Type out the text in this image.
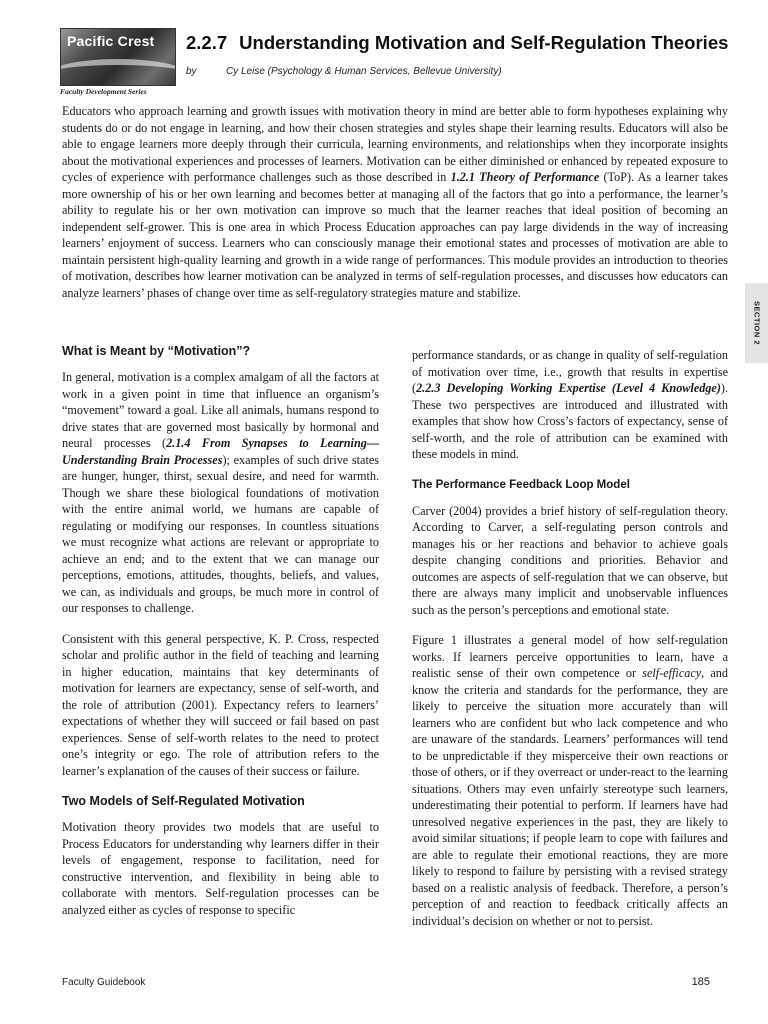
Pacific Crest
Faculty Development Series
2.2.7 Understanding Motivation and Self-Regulation Theories
by	Cy Leise (Psychology & Human Services, Bellevue University)
Educators who approach learning and growth issues with motivation theory in mind are better able to form hypotheses explaining why students do or do not engage in learning, and how their chosen strategies and styles shape their learning results. Educators will also be able to engage learners more deeply through their curricula, learning environments, and relationships when they incorporate insights about the motivational experiences and processes of learners. Motivation can be either diminished or enhanced by repeated exposure to cycles of experience with performance challenges such as those described in 1.2.1 Theory of Performance (ToP). As a learner takes more ownership of his or her own learning and becomes better at managing all of the factors that go into a performance, the learner’s ability to regulate his or her own motivation can improve so much that the learner reaches that ideal position of becoming an independent self-grower. This is one area in which Process Education approaches can pay large dividends in the way of increasing learners’ enjoyment of success. Learners who can consciously manage their emotional states and processes of motivation are able to maintain persistent high-quality learning and growth in a wide range of performances. This module provides an introduction to theories of motivation, describes how learner motivation can be analyzed in terms of self-regulation processes, and discusses how educators can analyze learners’ phases of change over time as self-regulatory strategies mature and stabilize.
SECTION 2
What is Meant by “Motivation”?

In general, motivation is a complex amalgam of all the factors at work in a given point in time that influence an organism’s “movement” toward a goal. Like all animals, humans respond to drive states that are governed most basically by hormonal and neural processes (2.1.4 From Synapses to Learning—Understanding Brain Processes); examples of such drive states are hunger, hunger, thirst, sexual desire, and need for warmth. Though we share these biological foundations of motivation with the entire animal world, we humans are capable of regulating or modifying our responses. In countless situations we must recognize what actions are relevant or appropriate to achieve an end; and to the extent that we can manage our perceptions, emotions, attitudes, thoughts, beliefs, and values, we can, as individuals and groups, be much more in control of our responses to challenge.

Consistent with this general perspective, K. P. Cross, respected scholar and prolific author in the field of teaching and learning in higher education, maintains that key determinants of motivation for learners are expectancy, sense of self-worth, and the role of attribution (2001). Expectancy refers to learners’ expectations of whether they will succeed or fail based on past experiences. Sense of self-worth relates to the need to protect one’s integrity or ego. The role of attribution refers to the learner’s explanation of the causes of their success or failure.

Two Models of Self-Regulated Motivation

Motivation theory provides two models that are useful to Process Educators for understanding why learners differ in their levels of engagement, response to facilitation, need for constructive intervention, and flexibility in being able to collaborate with mentors. Self-regulation processes can be analyzed either as cycles of response to specific

performance standards, or as change in quality of self-regulation of motivation over time, i.e., growth that results in expertise (2.2.3 Developing Working Expertise (Level 4 Knowledge)). These two perspectives are introduced and illustrated with examples that show how Cross’s factors of expectancy, sense of self-worth, and the role of attribution can be examined with these models in mind.

The Performance Feedback Loop Model

Carver (2004) provides a brief history of self-regulation theory. According to Carver, a self-regulating person controls and manages his or her reactions and behavior to achieve goals despite changing conditions and priorities. Behavior and outcomes are aspects of self-regulation that we can observe, but there are always many implicit and unobservable influences such as the person’s perceptions and emotional state.

Figure 1 illustrates a general model of how self-regulation works. If learners perceive opportunities to learn, have a realistic sense of their own competence or self-efficacy, and know the criteria and standards for the performance, they are likely to perceive the situation more accurately than will learners who are confident but who lack competence and who are unaware of the standards. Learners’ performances will tend to be unpredictable if they misperceive their own reactions or those of others, or if they overreact or under-react to the learning situations. Others may even unfairly stereotype such learners, underestimating their potential to perform. If learners have had unresolved negative experiences in the past, they are likely to avoid similar situations; if people learn to cope with failures and are able to regulate their emotional reactions, they are more likely to respond to failure by persisting with a revised strategy based on a realistic analysis of feedback. Therefore, a person’s perception of and reaction to feedback critically affects an individual’s decision on whether or not to persist.

Faculty Guidebook	185
